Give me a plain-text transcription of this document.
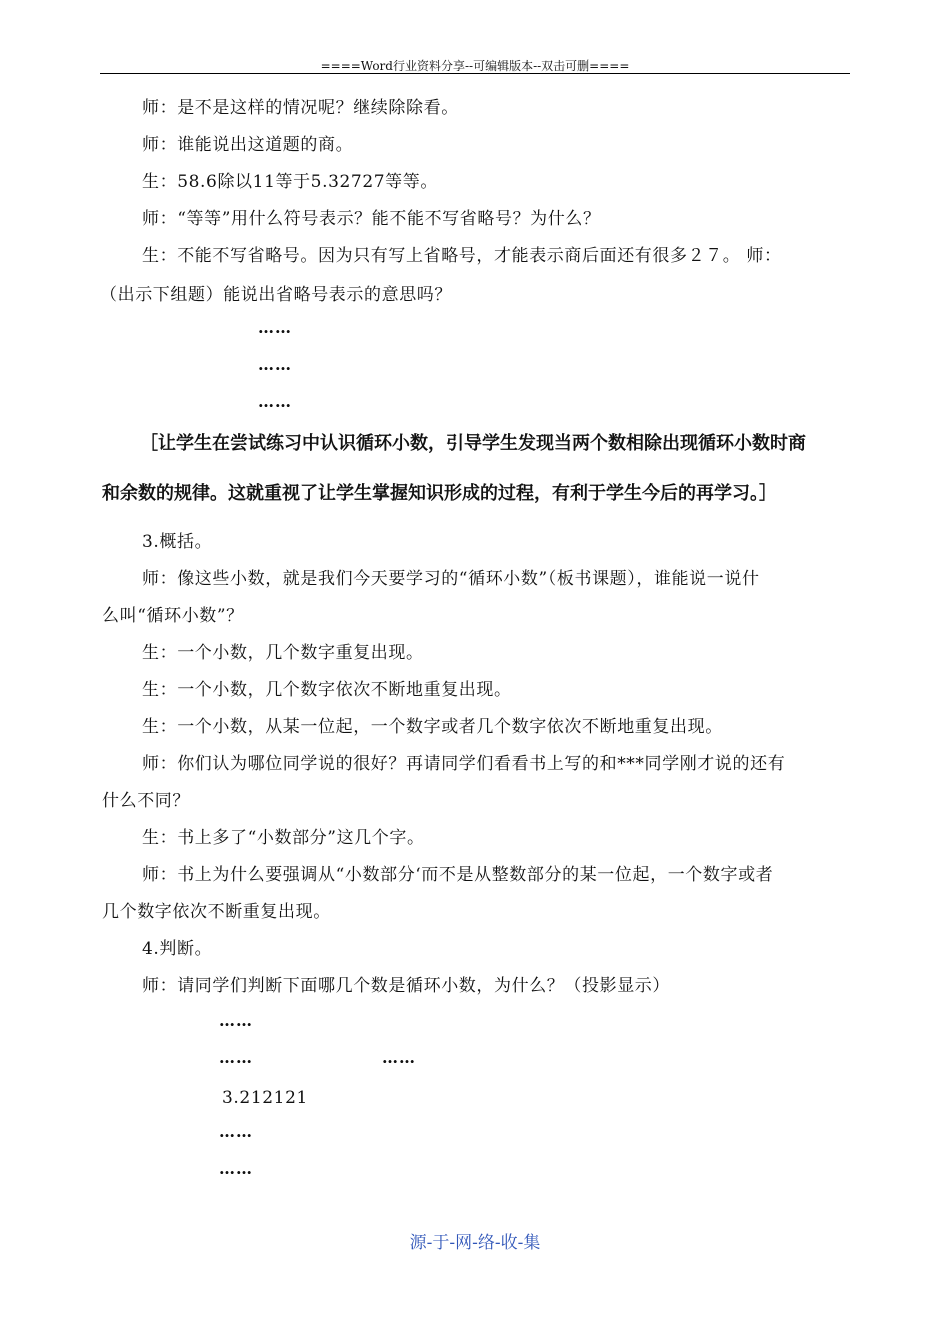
====Word行业资料分享--可编辑版本--双击可删====
师：是不是这样的情况呢？继续除除看。
师：谁能说出这道题的商。
生：58.6除以11等于5.32727等等。
师：“等等”用什么符号表示？能不能不写省略号？为什么？
生：不能不写省略号。因为只有写上省略号，才能表示商后面还有很多２７。 师：
（出示下组题）能说出省略号表示的意思吗？
……
……
……
［让学生在尝试练习中认识循环小数，引导学生发现当两个数相除出现循环小数时商
和余数的规律。这就重视了让学生掌握知识形成的过程，有利于学生今后的再学习。］
3.概括。
师：像这些小数，就是我们今天要学习的“循环小数”（板书课题），谁能说一说什
么叫“循环小数”？
生：一个小数，几个数字重复出现。
生：一个小数，几个数字依次不断地重复出现。
生：一个小数，从某一位起，一个数字或者几个数字依次不断地重复出现。
师：你们认为哪位同学说的很好？再请同学们看看书上写的和***同学刚才说的还有
什么不同？
生：书上多了“小数部分”这几个字。
师：书上为什么要强调从“小数部分‘而不是从整数部分的某一位起，一个数字或者
几个数字依次不断重复出现。
4.判断。
师：请同学们判断下面哪几个数是循环小数，为什么？（投影显示）
……
……	……
3.212121
……
……
源-于-网-络-收-集
